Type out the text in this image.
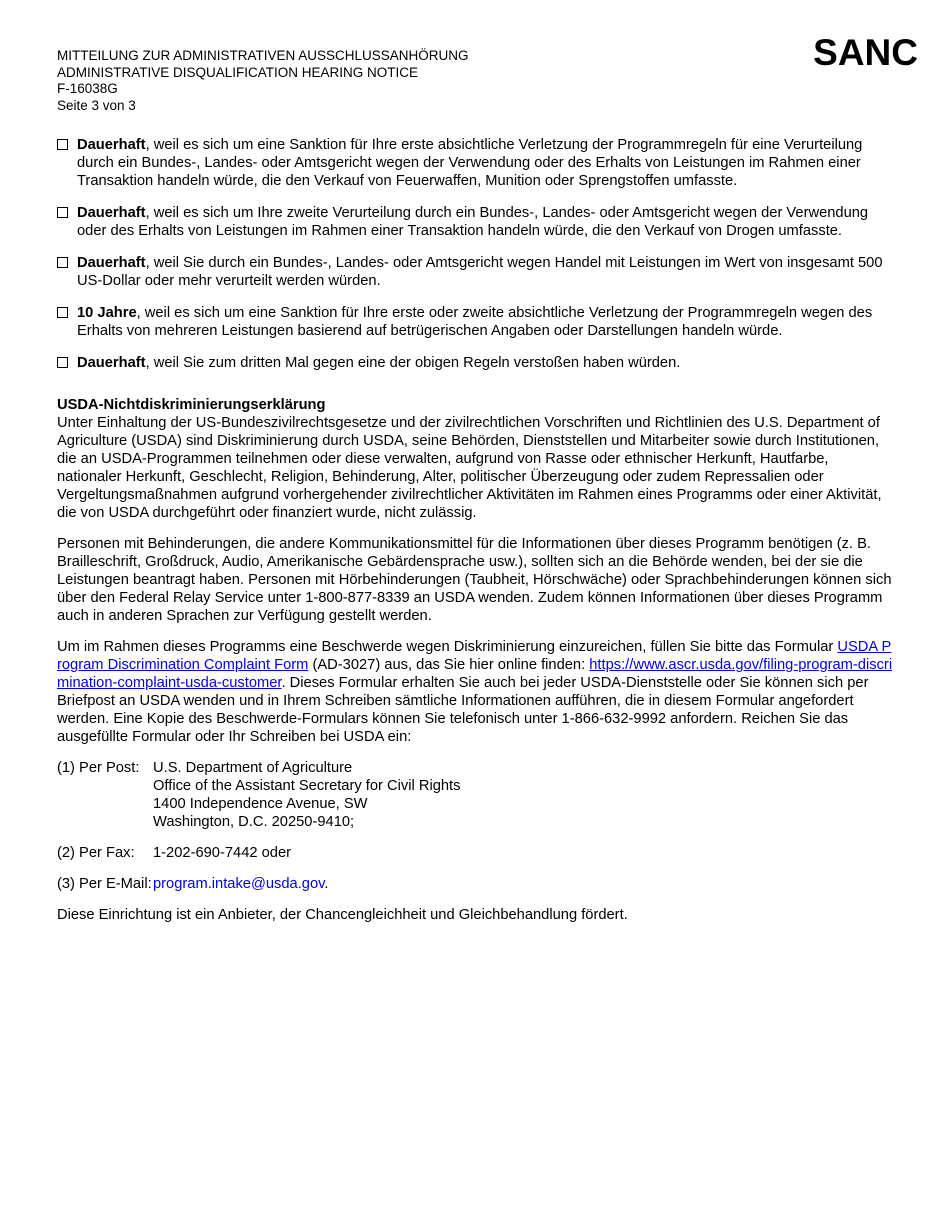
MITTEILUNG ZUR ADMINISTRATIVEN AUSSCHLUSSANHÖRUNG
ADMINISTRATIVE DISQUALIFICATION HEARING NOTICE
F-16038G
Seite 3 von 3
SANC
Dauerhaft, weil es sich um eine Sanktion für Ihre erste absichtliche Verletzung der Programmregeln für eine Verurteilung durch ein Bundes-, Landes- oder Amtsgericht wegen der Verwendung oder des Erhalts von Leistungen im Rahmen einer Transaktion handeln würde, die den Verkauf von Feuerwaffen, Munition oder Sprengstoffen umfasste.
Dauerhaft, weil es sich um Ihre zweite Verurteilung durch ein Bundes-, Landes- oder Amtsgericht wegen der Verwendung oder des Erhalts von Leistungen im Rahmen einer Transaktion handeln würde, die den Verkauf von Drogen umfasste.
Dauerhaft, weil Sie durch ein Bundes-, Landes- oder Amtsgericht wegen Handel mit Leistungen im Wert von insgesamt 500 US-Dollar oder mehr verurteilt werden würden.
10 Jahre, weil es sich um eine Sanktion für Ihre erste oder zweite absichtliche Verletzung der Programmregeln wegen des Erhalts von mehreren Leistungen basierend auf betrügerischen Angaben oder Darstellungen handeln würde.
Dauerhaft, weil Sie zum dritten Mal gegen eine der obigen Regeln verstoßen haben würden.
USDA-Nichtdiskriminierungserklärung

Unter Einhaltung der US-Bundeszivilrechtsgesetze und der zivilrechtlichen Vorschriften und Richtlinien des U.S. Department of Agriculture (USDA) sind Diskriminierung durch USDA, seine Behörden, Dienststellen und Mitarbeiter sowie durch Institutionen, die an USDA-Programmen teilnehmen oder diese verwalten, aufgrund von Rasse oder ethnischer Herkunft, Hautfarbe, nationaler Herkunft, Geschlecht, Religion, Behinderung, Alter, politischer Überzeugung oder zudem Repressalien oder Vergeltungsmaßnahmen aufgrund vorhergehender zivilrechtlicher Aktivitäten im Rahmen eines Programms oder einer Aktivität, die von USDA durchgeführt oder finanziert wurde, nicht zulässig.

Personen mit Behinderungen, die andere Kommunikationsmittel für die Informationen über dieses Programm benötigen (z. B. Brailleschrift, Großdruck, Audio, Amerikanische Gebärdensprache usw.), sollten sich an die Behörde wenden, bei der sie die Leistungen beantragt haben. Personen mit Hörbehinderungen (Taubheit, Hörschwäche) oder Sprachbehinderungen können sich über den Federal Relay Service unter 1-800-877-8339 an USDA wenden. Zudem können Informationen über dieses Programm auch in anderen Sprachen zur Verfügung gestellt werden.

Um im Rahmen dieses Programms eine Beschwerde wegen Diskriminierung einzureichen, füllen Sie bitte das Formular USDA Program Discrimination Complaint Form (AD-3027) aus, das Sie hier online finden: https://www.ascr.usda.gov/filing-program-discrimination-complaint-usda-customer. Dieses Formular erhalten Sie auch bei jeder USDA-Dienststelle oder Sie können sich per Briefpost an USDA wenden und in Ihrem Schreiben sämtliche Informationen aufführen, die in diesem Formular angefordert werden. Eine Kopie des Beschwerde-Formulars können Sie telefonisch unter 1-866-632-9992 anfordern. Reichen Sie das ausgefüllte Formular oder Ihr Schreiben bei USDA ein:

(1) Per Post: U.S. Department of Agriculture
Office of the Assistant Secretary for Civil Rights
1400 Independence Avenue, SW
Washington, D.C. 20250-9410;
(2) Per Fax:	1-202-690-7442 oder
(3) Per E-Mail: program.intake@usda.gov.

Diese Einrichtung ist ein Anbieter, der Chancengleichheit und Gleichbehandlung fördert.
